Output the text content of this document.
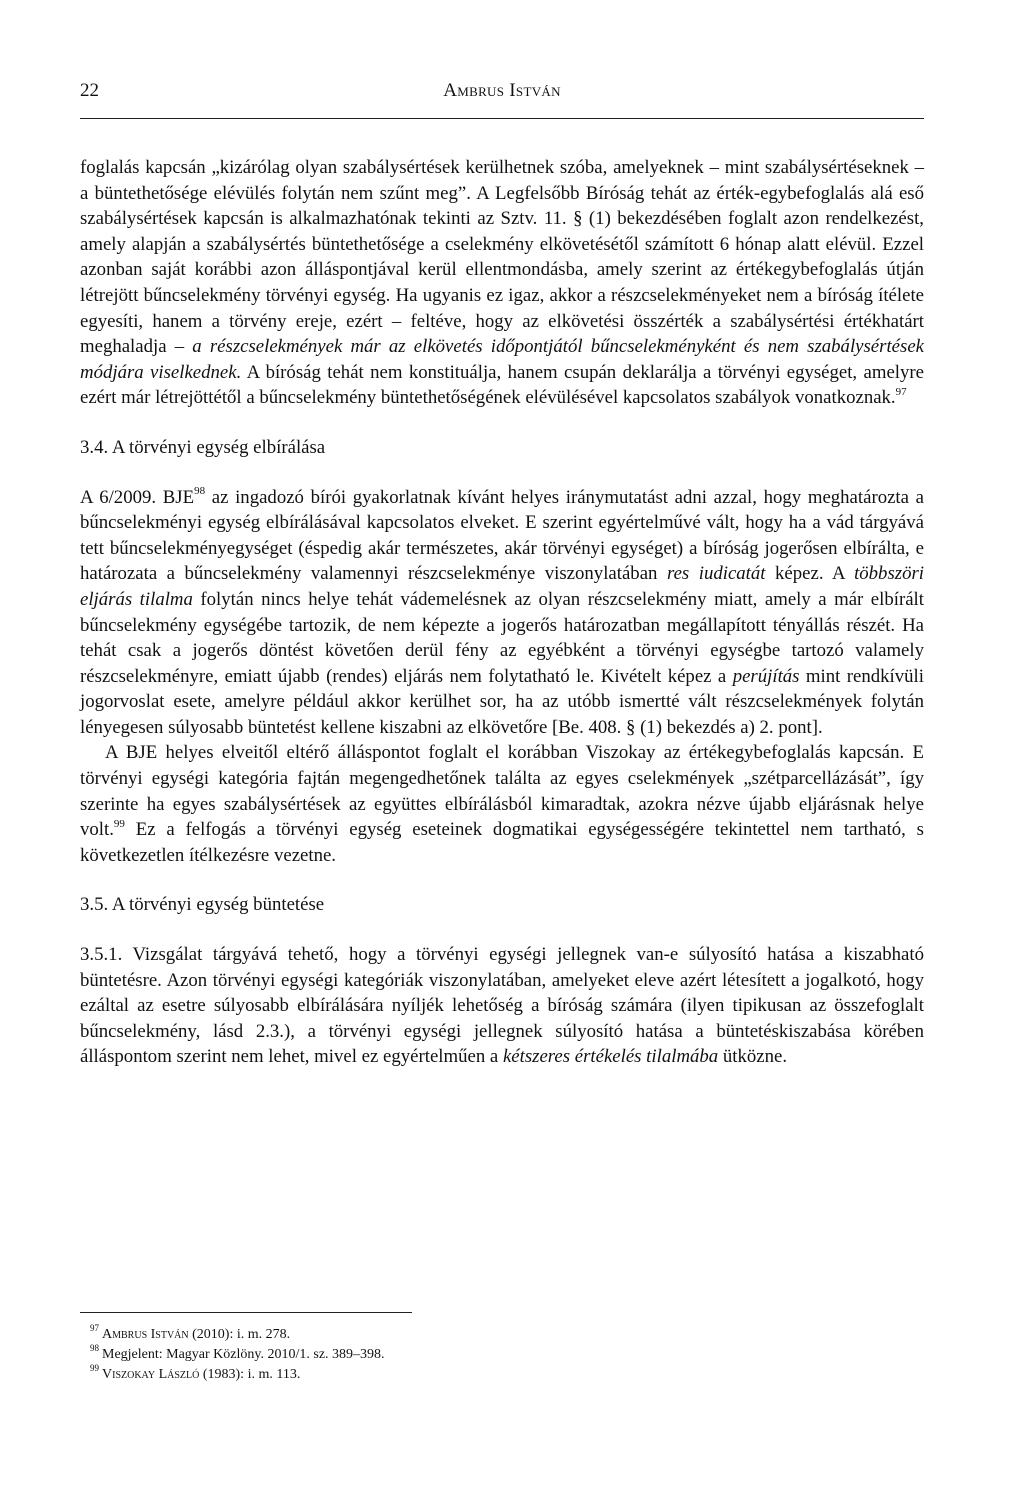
22	Ambrus István

foglalás kapcsán „kizárólag olyan szabálysértések kerülhetnek szóba, amelyeknek – mint szabálysértéseknek – a büntethetősége elévülés folytán nem szűnt meg”. A Legfelsőbb Bíróság tehát az érték-egybefoglalás alá eső szabálysértések kapcsán is alkalmazhatónak tekinti az Sztv. 11. § (1) bekezdésében foglalt azon rendelkezést, amely alapján a szabálysértés büntethetősége a cselekmény elkövetésétől számított 6 hónap alatt elévül. Ezzel azonban saját korábbi azon álláspontjával kerül ellentmondásba, amely szerint az értékegybefoglalás útján létrejött bűncselekmény törvényi egység. Ha ugyanis ez igaz, akkor a részcselekményeket nem a bíróság ítélete egyesíti, hanem a törvény ereje, ezért – feltéve, hogy az elkövetési összérték a szabálysértési értékhatárt meghaladja – a részcselekmények már az elkövetés időpontjától bűncselekményként és nem szabálysértések módjára viselkednek. A bíróság tehát nem konstituálja, hanem csupán deklarálja a törvényi egységet, amelyre ezért már létrejöttétől a bűncselekmény büntethetőségének elévülésével kapcsolatos szabályok vonatkoznak.$^{97}$

3.4. A törvényi egység elbírálása

A 6/2009. BJE$^{98}$ az ingadozó bírói gyakorlatnak kívánt helyes iránymutatást adni azzal, hogy meghatározta a bűncselekményi egység elbírálásával kapcsolatos elveket. E szerint egyértelművé vált, hogy ha a vád tárgyává tett bűncselekményegységet (éspedig akár természetes, akár törvényi egységet) a bíróság jogerősen elbírálta, e határozata a bűncselekmény valamennyi részcselekménye viszonylatában res iudicatát képez. A többszöri eljárás tilalma folytán nincs helye tehát vádemelésnek az olyan részcselekmény miatt, amely a már elbírált bűncselekmény egységébe tartozik, de nem képezte a jogerős határozatban megállapított tényállás részét. Ha tehát csak a jogerős döntést követően derül fény az egyébként a törvényi egységbe tartozó valamely részcselekményre, emiatt újabb (rendes) eljárás nem folytatható le. Kivételt képez a perújítás mint rendkívüli jogorvoslat esete, amelyre például akkor kerülhet sor, ha az utóbb ismertté vált részcselekmények folytán lényegesen súlyosabb büntetést kellene kiszabni az elkövetőre [Be. 408. § (1) bekezdés a) 2. pont].

A BJE helyes elveitől eltérő álláspontot foglalt el korábban Viszokay az értékegybefoglalás kapcsán. E törvényi egységi kategória fajtán megengedhetőnek találta az egyes cselekmények „szétparcellázását”, így szerinte ha egyes szabálysértések az együttes elbírálásból kimaradtak, azokra nézve újabb eljárásnak helye volt.$^{99}$ Ez a felfogás a törvényi egység eseteinek dogmatikai egységességére tekintettel nem tartható, s következetlen ítélkezésre vezetne.

3.5. A törvényi egység büntetése

3.5.1. Vizsgálat tárgyává tehető, hogy a törvényi egységi jellegnek van-e súlyosító hatása a kiszabható büntetésre. Azon törvényi egységi kategóriák viszonylatában, amelyeket eleve azért létesített a jogalkotó, hogy ezáltal az esetre súlyosabb elbírálására nyíljék lehetőség a bíróság számára (ilyen tipikusan az összefoglalt bűncselekmény, lásd 2.3.), a törvényi egységi jellegnek súlyosító hatása a büntetéskiszabása körében álláspontom szerint nem lehet, mivel ez egyértelműen a kétszeres értékelés tilalmába ütközne.

$^{97}$ Ambrus István (2010): i. m. 278.

$^{98}$ Megjelent: Magyar Közlöny. 2010/1. sz. 389–398.

$^{99}$ Viszokay László (1983): i. m. 113.
